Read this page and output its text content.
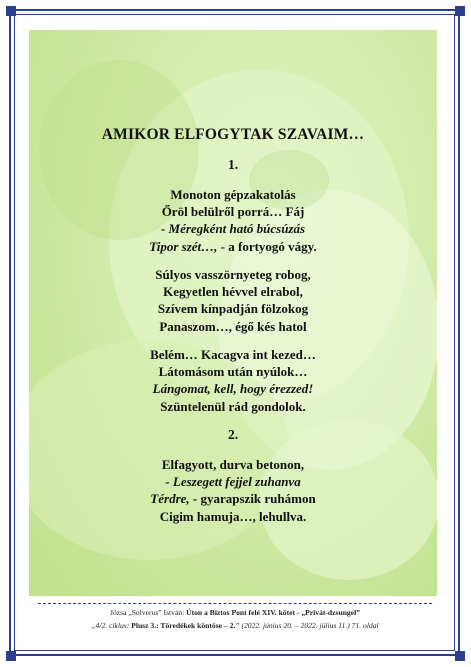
AMIKOR ELFOGYTAK SZAVAIM…
1.
Monoton gépzakatolás
Őröl belülről porrá… Fáj
- Méregként ható búcsúzás
Tipor szét…, - a fortyogó vágy.
Súlyos vasszörnyeteg robog,
Kegyetlen hévvel elrabol,
Szívem kínpadján fölzokog
Panaszom…, égő kés hatol
Belém… Kacagva int kezed…
Látomásom után nyúlok…
Lángomat, kell, hogy érezzed!
Szüntelenül rád gondolok.
2.
Elfagyott, durva betonon,
- Leszegett fejjel zuhanva
Térdre, - gyarapszik ruhámon
Cigim hamuja…, lehullva.
Józsa „Solverus” István: Úton a Biztos Pont felé XIV. kötet - „Privát-dzsungel”
„4/2. ciklus: Plusz 3.: Töredékek köntöse – 2.” (2022. június 20. – 2022. július 11.) 71. oldal
